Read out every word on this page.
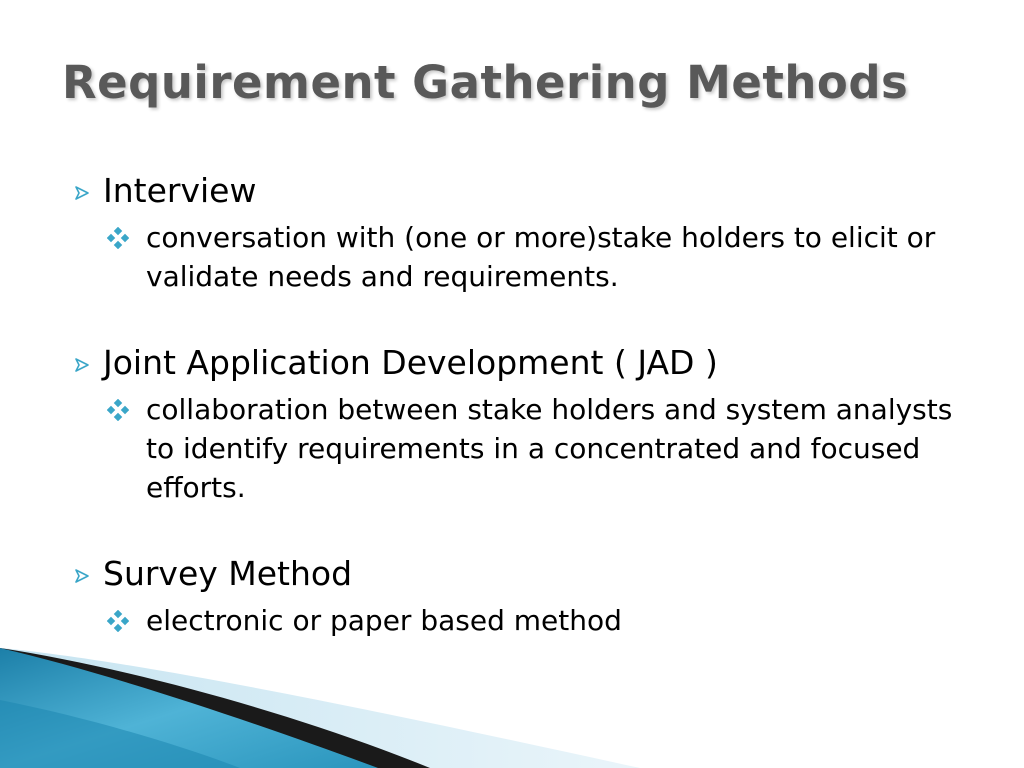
Requirement Gathering Methods
Interview
conversation with (one or more)stake holders to elicit or validate needs and requirements.
Joint Application Development ( JAD )
collaboration between stake holders and system analysts to identify requirements in a concentrated and focused efforts.
Survey Method
electronic or paper based method
